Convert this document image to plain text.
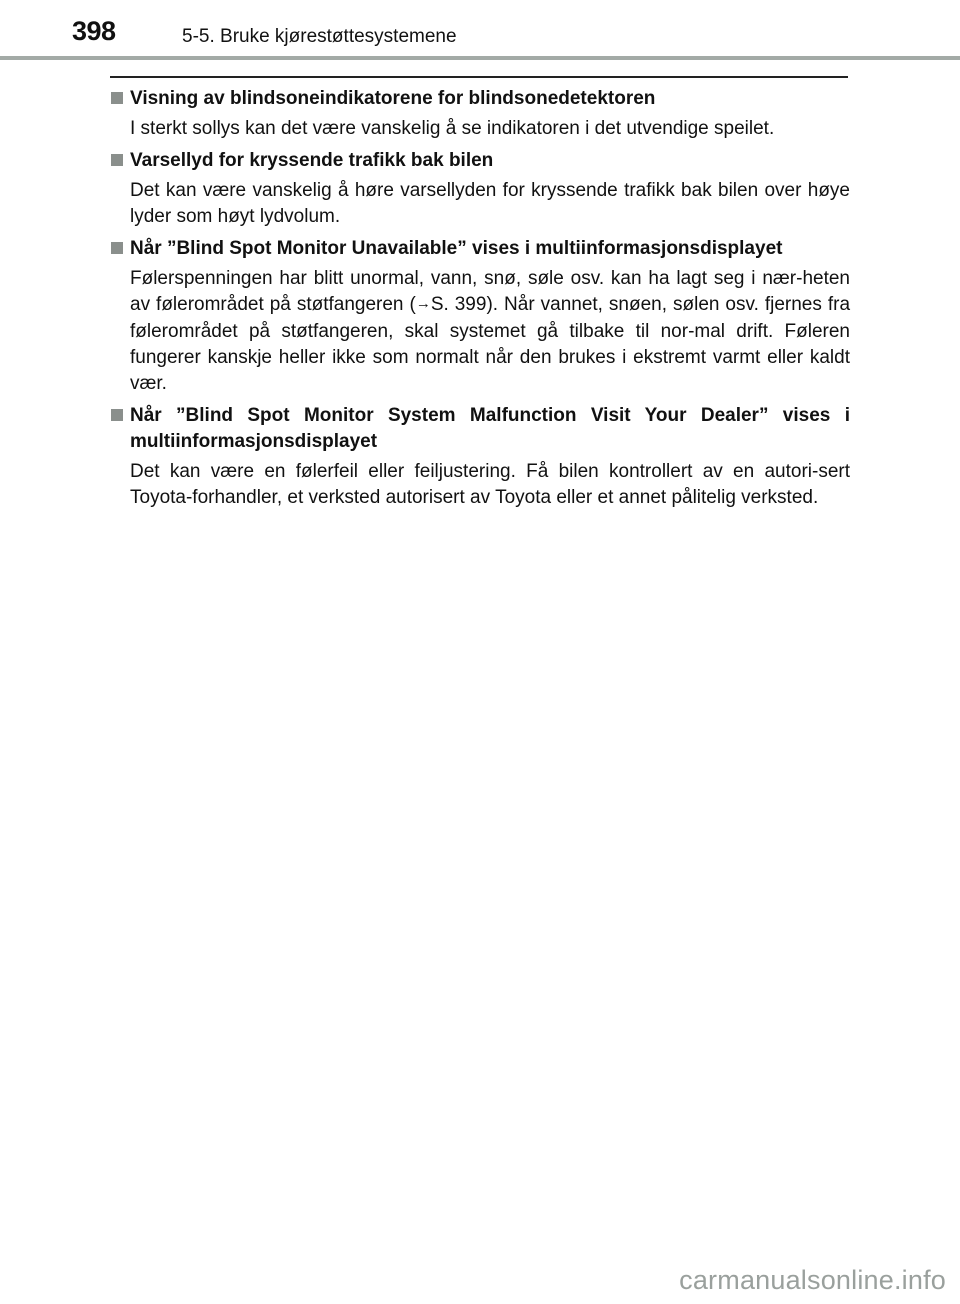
398	5-5. Bruke kjørestøttesystemene
Visning av blindsoneindikatorene for blindsonedetektoren
I sterkt sollys kan det være vanskelig å se indikatoren i det utvendige speilet.
Varsellyd for kryssende trafikk bak bilen
Det kan være vanskelig å høre varsellyden for kryssende trafikk bak bilen over høye lyder som høyt lydvolum.
Når ”Blind Spot Monitor Unavailable” vises i multiinformasjonsdisplayet
Følerspenningen har blitt unormal, vann, snø, søle osv. kan ha lagt seg i nær-heten av følerområdet på støtfangeren (→S. 399). Når vannet, snøen, sølen osv. fjernes fra følerområdet på støtfangeren, skal systemet gå tilbake til nor-mal drift. Føleren fungerer kanskje heller ikke som normalt når den brukes i ekstremt varmt eller kaldt vær.
Når ”Blind Spot Monitor System Malfunction Visit Your Dealer” vises i multiinformasjonsdisplayet
Det kan være en følerfeil eller feiljustering. Få bilen kontrollert av en autori-sert Toyota-forhandler, et verksted autorisert av Toyota eller et annet pålitelig verksted.
carmanualsonline.info
